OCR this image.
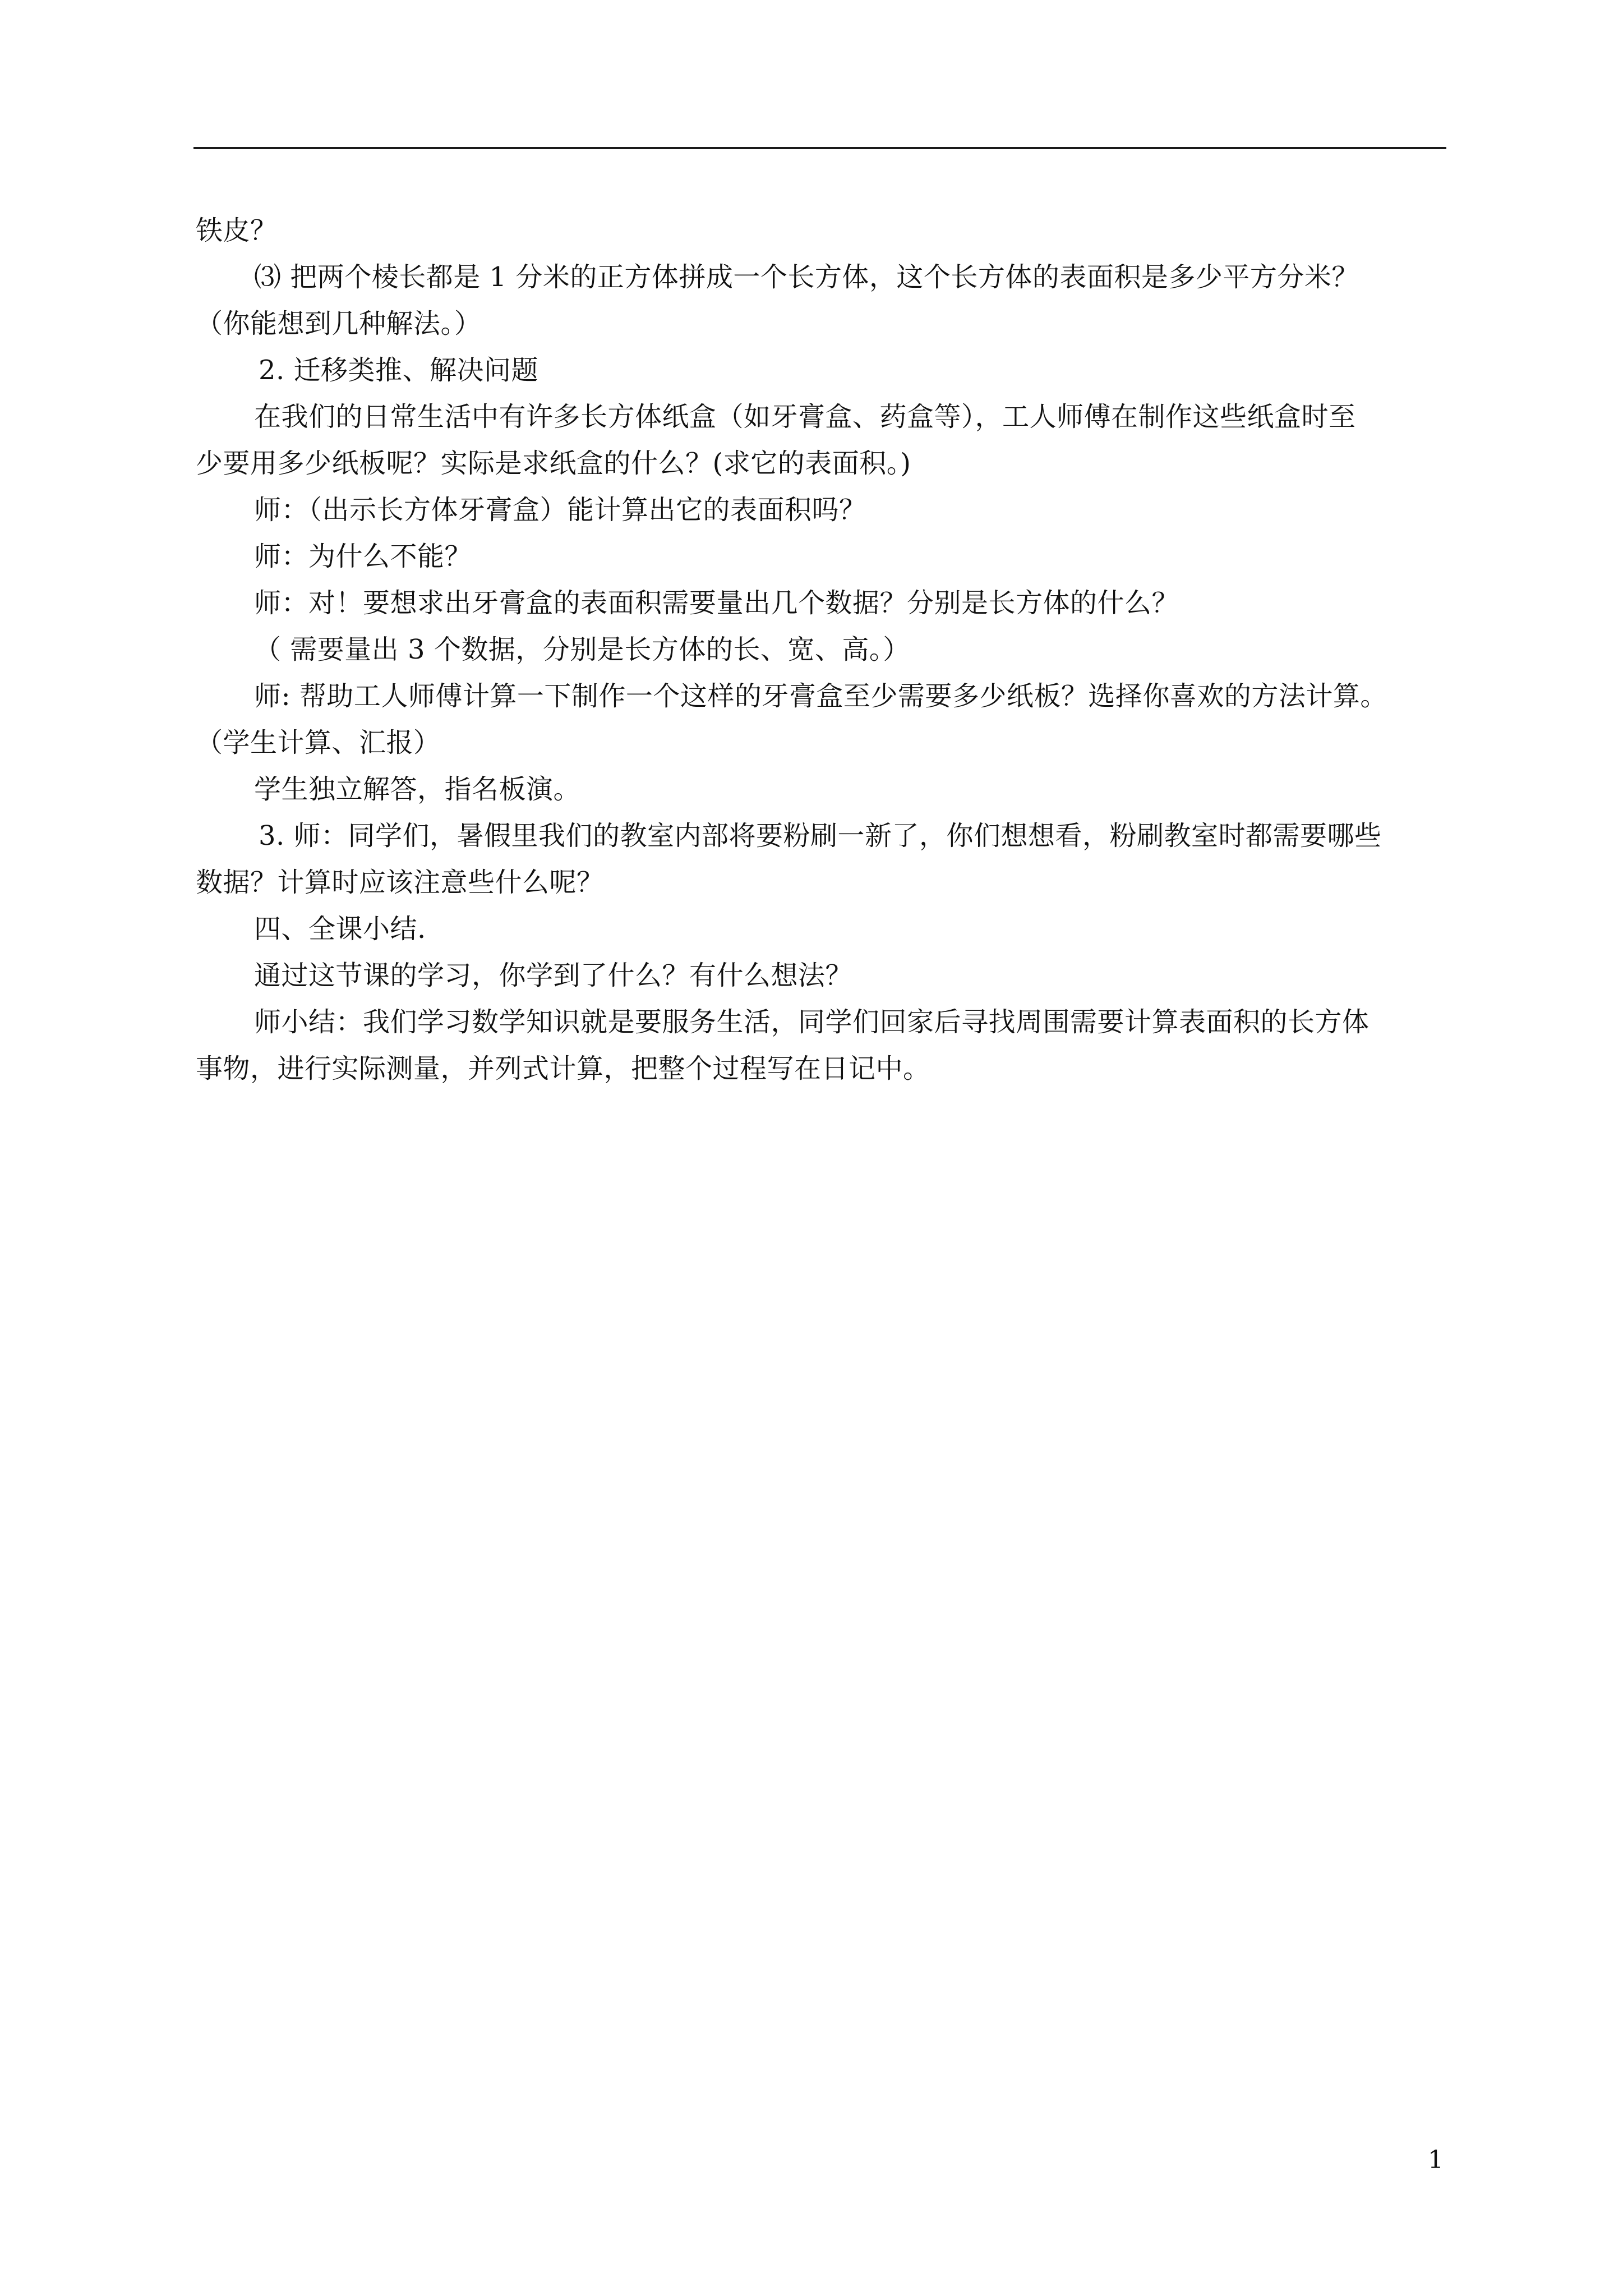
铁皮？
⑶ 把两个棱长都是 1 分米的正方体拼成一个长方体，这个长方体的表面积是多少平方分米？
（你能想到几种解法。）
2. 迁移类推、解决问题
在我们的日常生活中有许多长方体纸盒（如牙膏盒、药盒等），工人师傅在制作这些纸盒时至
少要用多少纸板呢？实际是求纸盒的什么？(求它的表面积。)
师：（出示长方体牙膏盒）能计算出它的表面积吗？
师：为什么不能？
师：对！要想求出牙膏盒的表面积需要量出几个数据？分别是长方体的什么？
（ 需要量出 3 个数据，分别是长方体的长、宽、高。）
师: 帮助工人师傅计算一下制作一个这样的牙膏盒至少需要多少纸板？选择你喜欢的方法计算。
（学生计算、汇报）
学生独立解答，指名板演。
3. 师：同学们，暑假里我们的教室内部将要粉刷一新了，你们想想看，粉刷教室时都需要哪些
数据？计算时应该注意些什么呢？
四、全课小结.
通过这节课的学习，你学到了什么？有什么想法？
师小结：我们学习数学知识就是要服务生活，同学们回家后寻找周围需要计算表面积的长方体
事物，进行实际测量，并列式计算，把整个过程写在日记中。
1
